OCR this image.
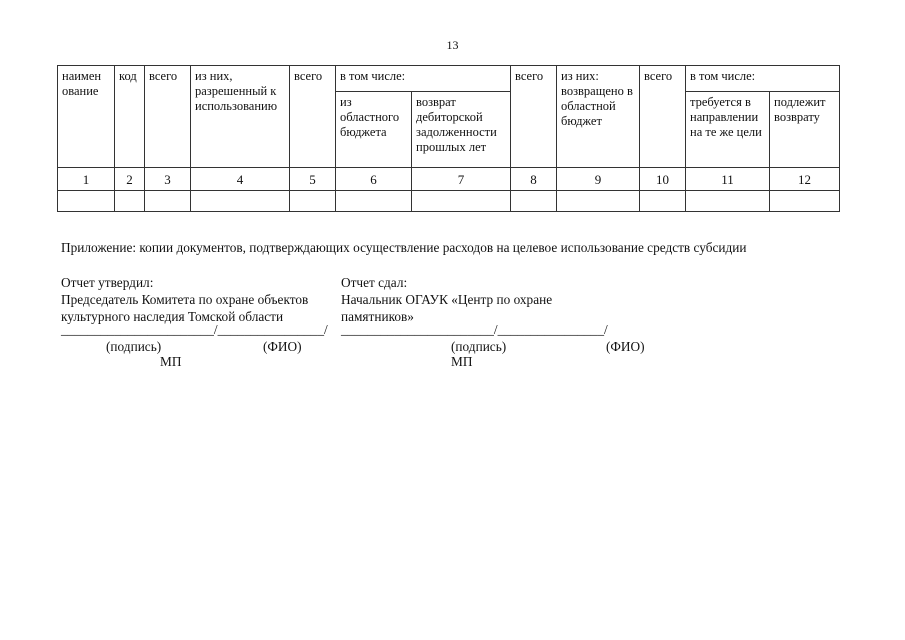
13
наимен ование	код	всего	из них, разрешенный к использованию	всего	в том числе:		всего	из них: возвращено в областной бюджет	всего	в том числе:	
					из областного бюджета	возврат дебиторской задолженности прошлых лет				требуется в направлении на те же цели	подлежит возврату
1	2	3	4	5	6	7	8	9	10	11	12

Приложение: копии документов, подтверждающих осуществление расходов на целевое использование средств субсидии
Отчет утвердил:
Председатель Комитета по охране объектов
культурного наследия Томской области
_______________________/________________/
(подпись)	(ФИО)
МП
Отчет сдал:
Начальник ОГАУК «Центр по охране
памятников»
_______________________/________________/
(подпись)	(ФИО)
МП
